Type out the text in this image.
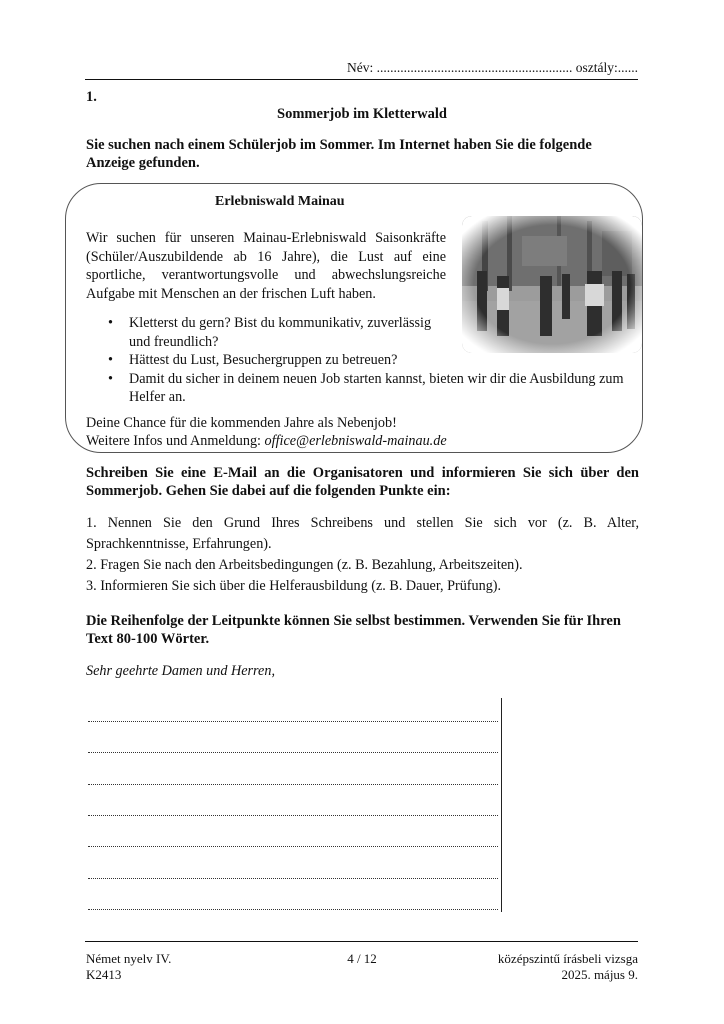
Név: .......................................................... osztály:......
1.
Sommerjob im Kletterwald
Sie suchen nach einem Schülerjob im Sommer. Im Internet haben Sie die folgende Anzeige gefunden.
Erlebniswald Mainau
Wir suchen für unseren Mainau-Erlebniswald Saisonkräfte (Schüler/Auszubildende ab 16 Jahre), die Lust auf eine sportliche, verantwortungsvolle und abwechslungsreiche Aufgabe mit Menschen an der frischen Luft haben.
• Kletterst du gern? Bist du kommunikativ, zuverlässig und freundlich?
• Hättest du Lust, Besuchergruppen zu betreuen?
• Damit du sicher in deinem neuen Job starten kannst, bieten wir dir die Ausbildung zum Helfer an.
Deine Chance für die kommenden Jahre als Nebenjob!
Weitere Infos und Anmeldung: office@erlebniswald-mainau.de
Schreiben Sie eine E-Mail an die Organisatoren und informieren Sie sich über den Sommerjob. Gehen Sie dabei auf die folgenden Punkte ein:
1. Nennen Sie den Grund Ihres Schreibens und stellen Sie sich vor (z. B. Alter, Sprachkenntnisse, Erfahrungen).
2. Fragen Sie nach den Arbeitsbedingungen (z. B. Bezahlung, Arbeitszeiten).
3. Informieren Sie sich über die Helferausbildung (z. B. Dauer, Prüfung).
Die Reihenfolge der Leitpunkte können Sie selbst bestimmen. Verwenden Sie für Ihren Text 80-100 Wörter.
Sehr geehrte Damen und Herren,
Német nyelv IV.
K2413
4 / 12	középszintű írásbeli vizsga
2025. május 9.
